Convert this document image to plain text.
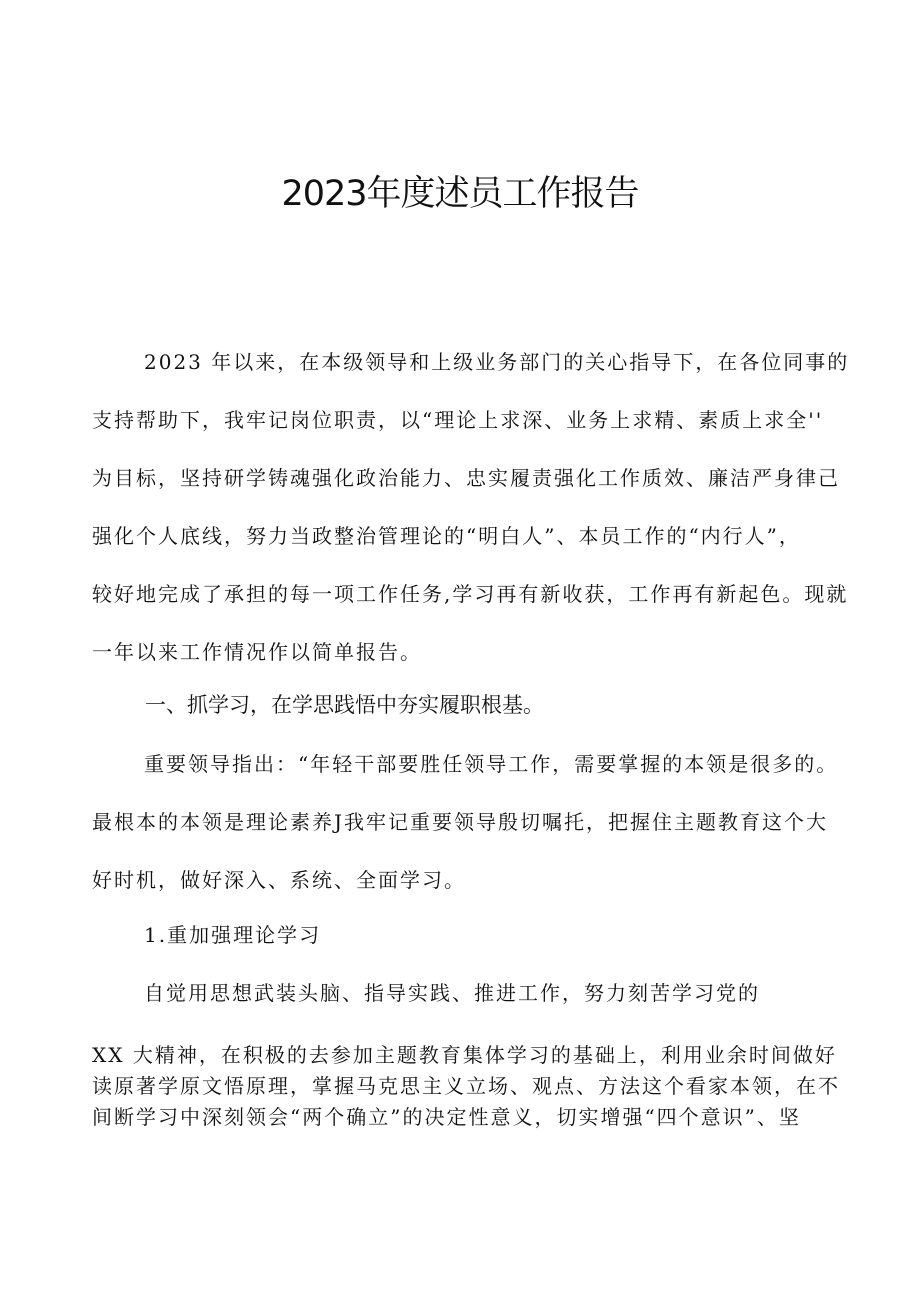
2023年度述员工作报告
2023 年以来，在本级领导和上级业务部门的关心指导下，在各位同事的
支持帮助下，我牢记岗位职责，以“理论上求深、业务上求精、素质上求全''
为目标，坚持研学铸魂强化政治能力、忠实履责强化工作质效、廉洁严身律己
强化个人底线，努力当政整治管理论的“明白人”、本员工作的“内行人”，
较好地完成了承担的每一项工作任务,学习再有新收获，工作再有新起色。现就
一年以来工作情况作以简单报告。
一、抓学习，在学思践悟中夯实履职根基。
重要领导指出：“年轻干部要胜任领导工作，需要掌握的本领是很多的。
最根本的本领是理论素养J我牢记重要领导殷切嘱托，把握住主题教育这个大
好时机，做好深入、系统、全面学习。
1.重加强理论学习
自觉用思想武装头脑、指导实践、推进工作，努力刻苦学习党的
XX 大精神，在积极的去参加主题教育集体学习的基础上，利用业余时间做好
读原著学原文悟原理，掌握马克思主义立场、观点、方法这个看家本领，在不
间断学习中深刻领会“两个确立”的决定性意义，切实增强“四个意识”、坚
